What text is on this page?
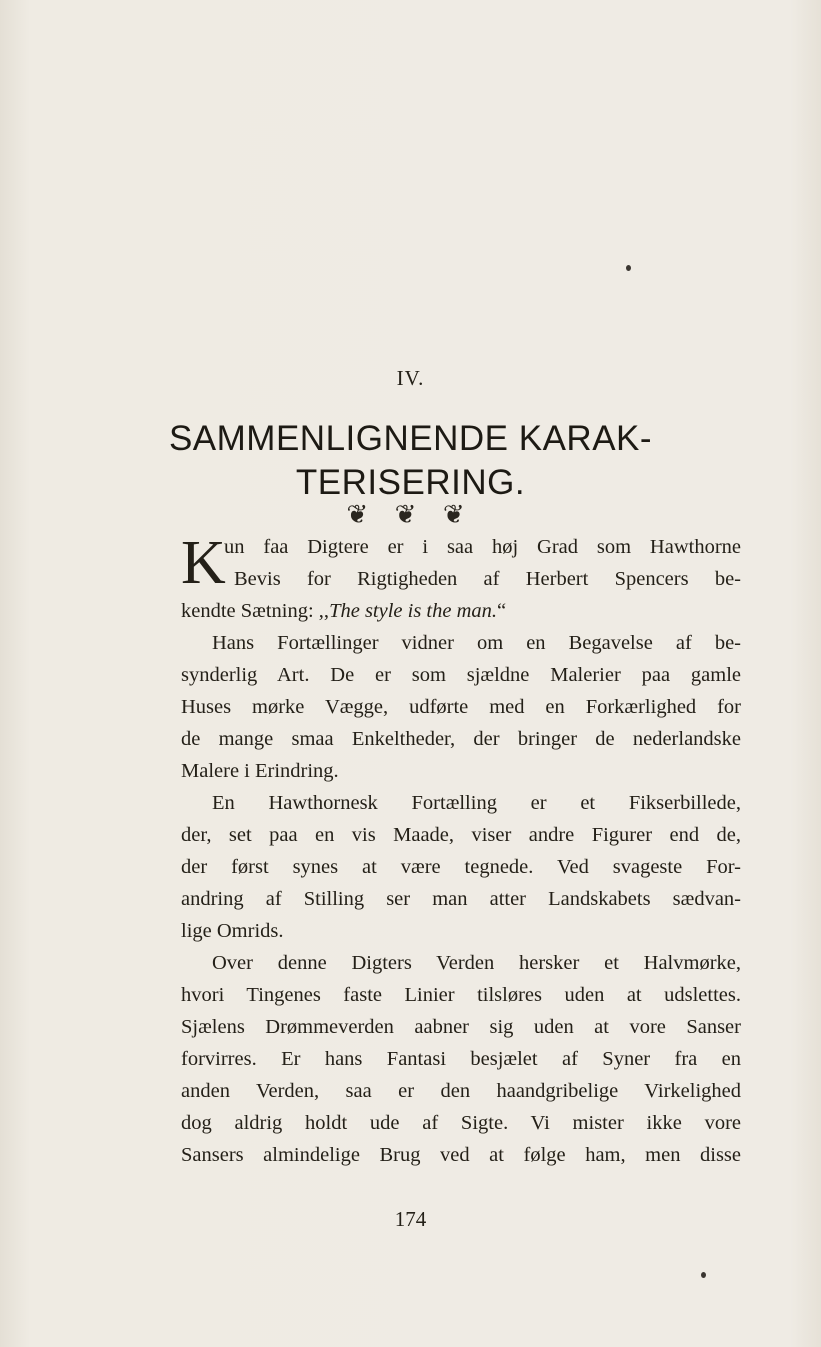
IV.
SAMMENLIGNENDE KARAK-
TERISERING.
❦ ❦ ❦
K
un faa Digtere er i saa høj Grad som Hawthorne
Bevis for Rigtigheden af Herbert Spencers be-
kendte Sætning: ,,The style is the man.“
Hans Fortællinger vidner om en Begavelse af be-
synderlig Art. De er som sjældne Malerier paa gamle
Huses mørke Vægge, udførte med en Forkærlighed for
de mange smaa Enkeltheder, der bringer de nederlandske
Malere i Erindring.
En Hawthornesk Fortælling er et Fikserbillede,
der, set paa en vis Maade, viser andre Figurer end de,
der først synes at være tegnede. Ved svageste For-
andring af Stilling ser man atter Landskabets sædvan-
lige Omrids.
Over denne Digters Verden hersker et Halvmørke,
hvori Tingenes faste Linier tilsløres uden at udslettes.
Sjælens Drømmeverden aabner sig uden at vore Sanser
forvirres. Er hans Fantasi besjælet af Syner fra en
anden Verden, saa er den haandgribelige Virkelighed
dog aldrig holdt ude af Sigte. Vi mister ikke vore
Sansers almindelige Brug ved at følge ham, men disse
174
